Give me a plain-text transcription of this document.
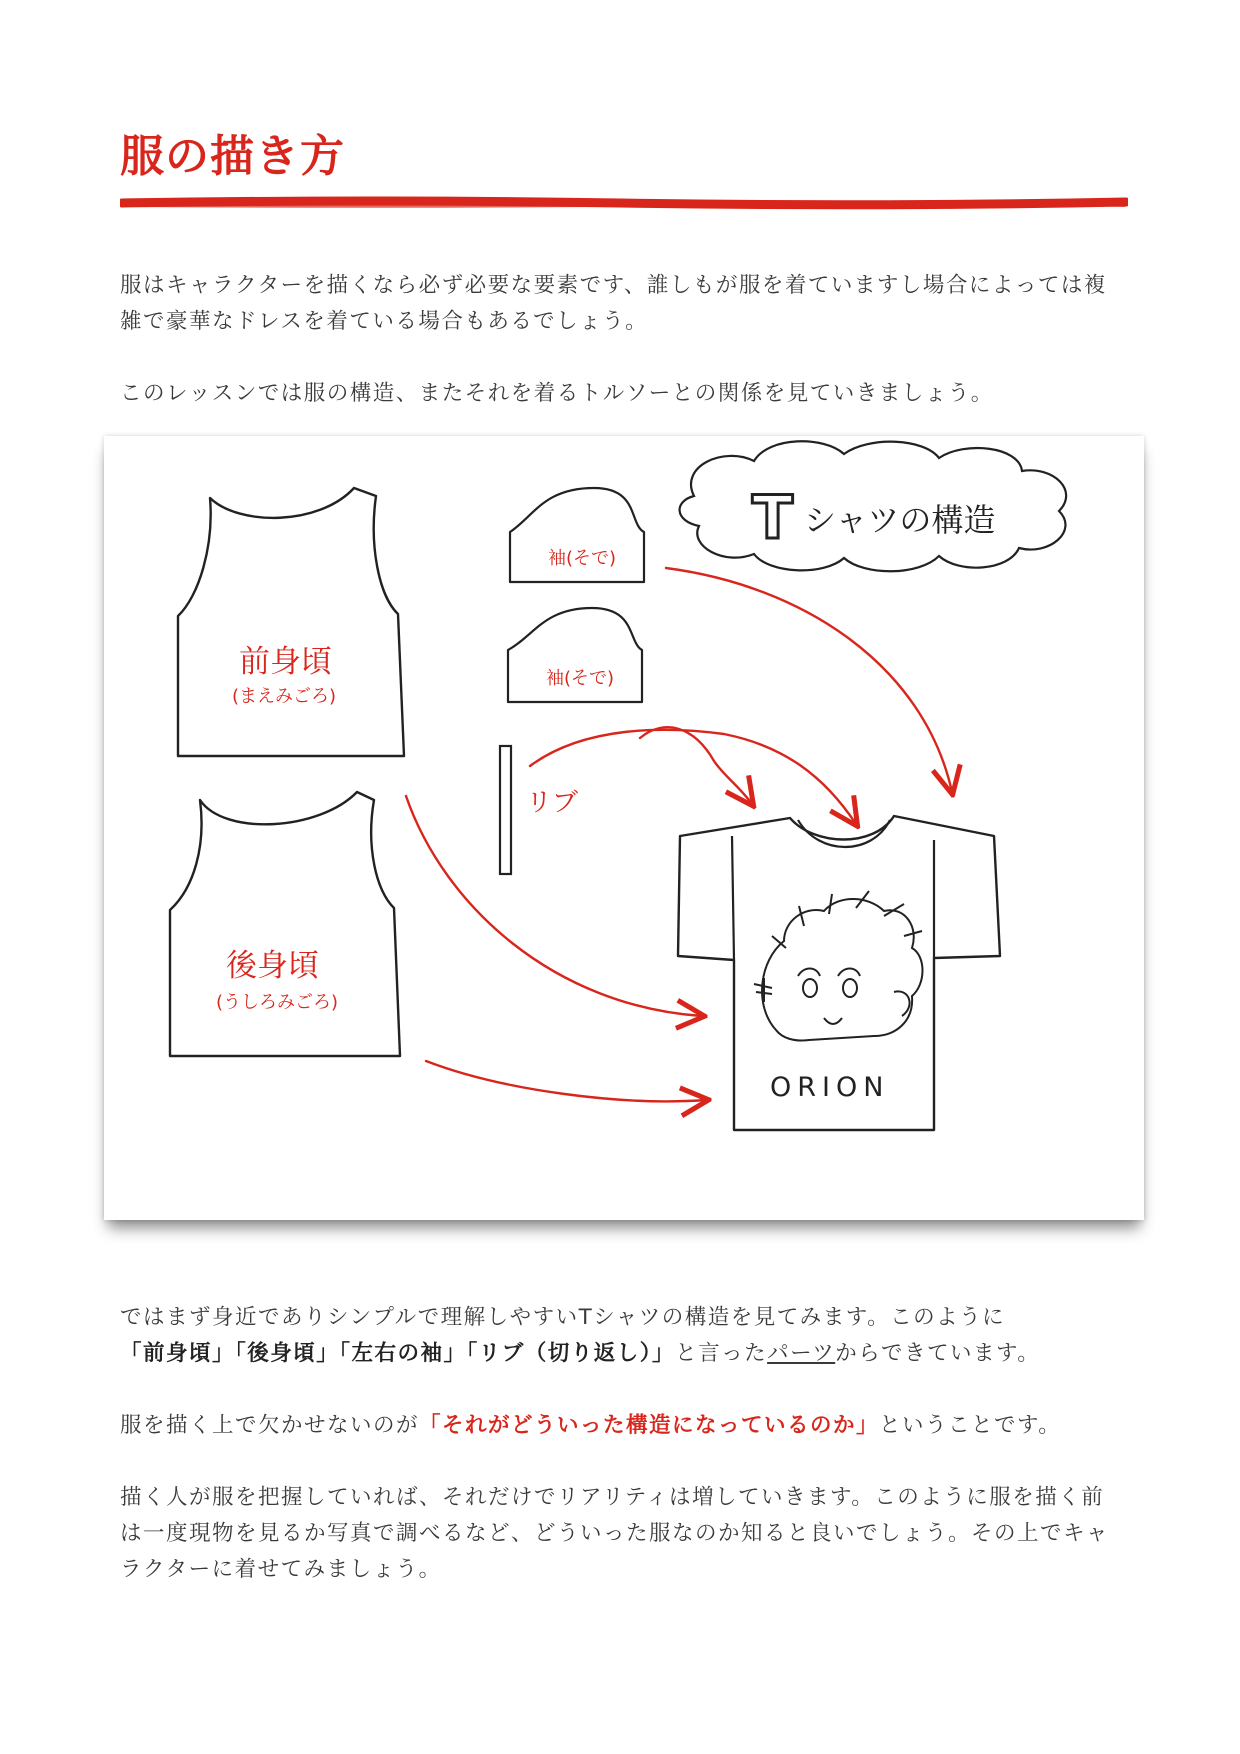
服の描き方

服はキャラクターを描くなら必ず必要な要素です、誰しもが服を着ていますし場合によっては複雑で豪華なドレスを着ている場合もあるでしょう。

このレッスンでは服の構造、またそれを着るトルソーとの関係を見ていきましょう。

T シャツの構造
前身頃
(まえみごろ)
後身頃
(うしろみごろ)
袖(そで)
袖(そで)
リブ
ORION

ではまず身近でありシンプルで理解しやすいTシャツの構造を見てみます。このように「前身頃」「後身頃」「左右の袖」「リブ（切り返し）」と言ったパーツからできています。

服を描く上で欠かせないのが「それがどういった構造になっているのか」ということです。

描く人が服を把握していれば、それだけでリアリティは増していきます。このように服を描く前は一度現物を見るか写真で調べるなど、どういった服なのか知ると良いでしょう。その上でキャラクターに着せてみましょう。
